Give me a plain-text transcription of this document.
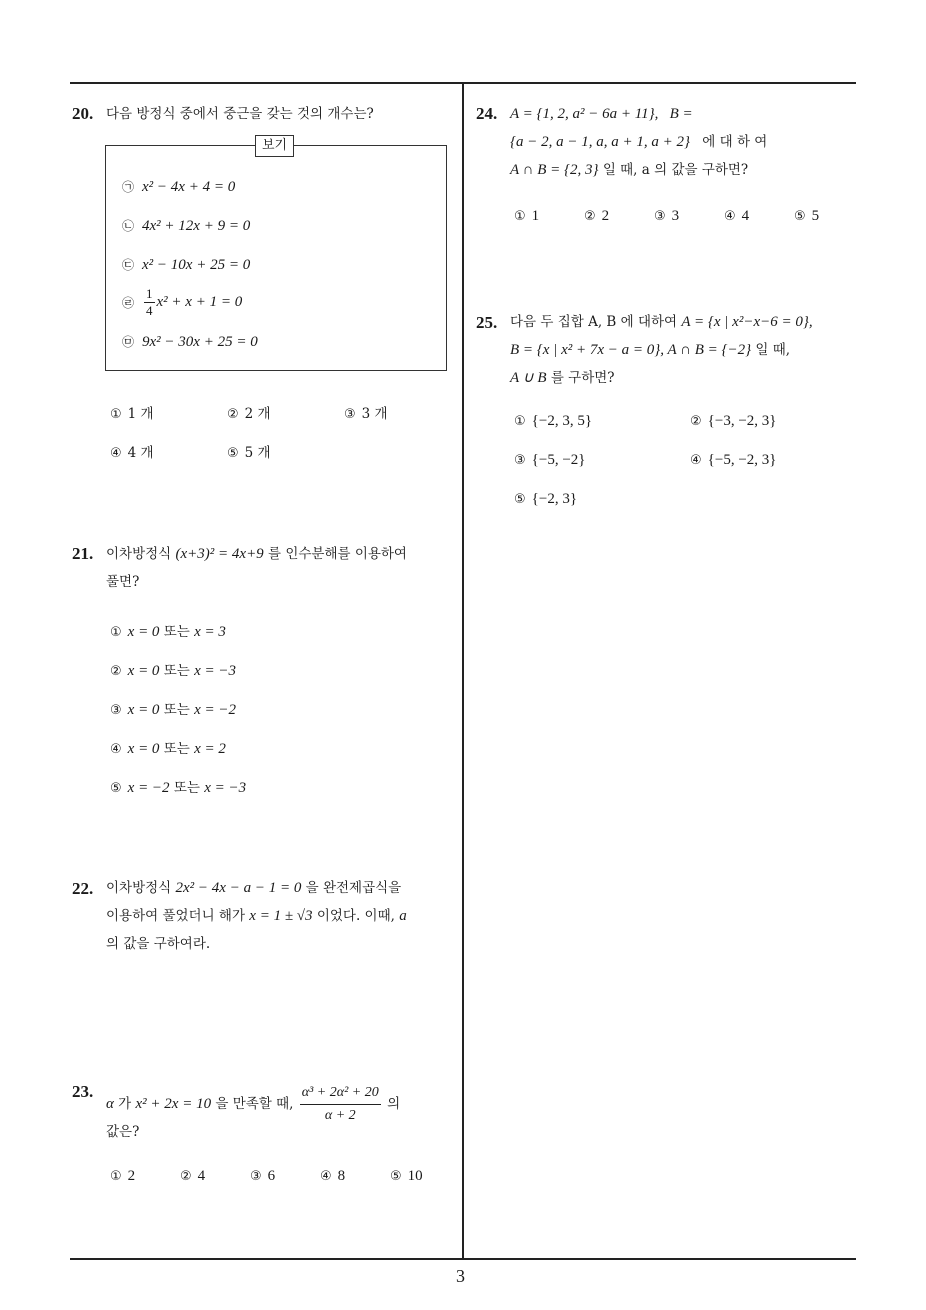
3
20. 다음 방정식 중에서 중근을 갖는 것의 개수는?
보기
㉠ x² − 4x + 4 = 0
㉡ 4x² + 12x + 9 = 0
㉢ x² − 10x + 25 = 0
㉣ $\frac{1}{4} x^2 + x + 1 = 0$
㉤ 9x² − 30x + 25 = 0
① 1 개	② 2 개	③ 3 개
④ 4 개	⑤ 5 개
21. 이차방정식 (x+3)² = 4x+9 를 인수분해를 이용하여
풀면?
① x = 0 또는 x = 3
② x = 0 또는 x = −3
③ x = 0 또는 x = −2
④ x = 0 또는 x = 2
⑤ x = −2 또는 x = −3
22. 이차방정식 2x² − 4x − a − 1 = 0 을 완전제곱식을
이용하여 풀었더니 해가 x = 1 ± √3 이었다. 이때, a
의 값을 구하여라.
23.
α 가 x² + 2x = 10 을 만족할 때, $\frac{\text{α³ + 2α² + 20}}{\alpha + 2}$ 의
값은?
① 2	② 4	③ 6	④ 8	⑤ 10
24. A = {1, 2, a² − 6a + 11},   B =
{a − 2, a − 1, a, a + 1, a + 2} 에 대 하 여
A ∩ B = {2, 3} 일 때, a 의 값을 구하면?
① 1	② 2	③ 3	④ 4	⑤ 5
25. 다음 두 집합 A, B 에 대하여 A = {x | x²−x−6 = 0},
B = {x | x² + 7x − a = 0}, A ∩ B = {−2} 일 때,
A ∪ B 를 구하면?
① {−2, 3, 5}	② {−3, −2, 3}
③ {−5, −2}	④ {−5, −2, 3}
⑤ {−2, 3}
